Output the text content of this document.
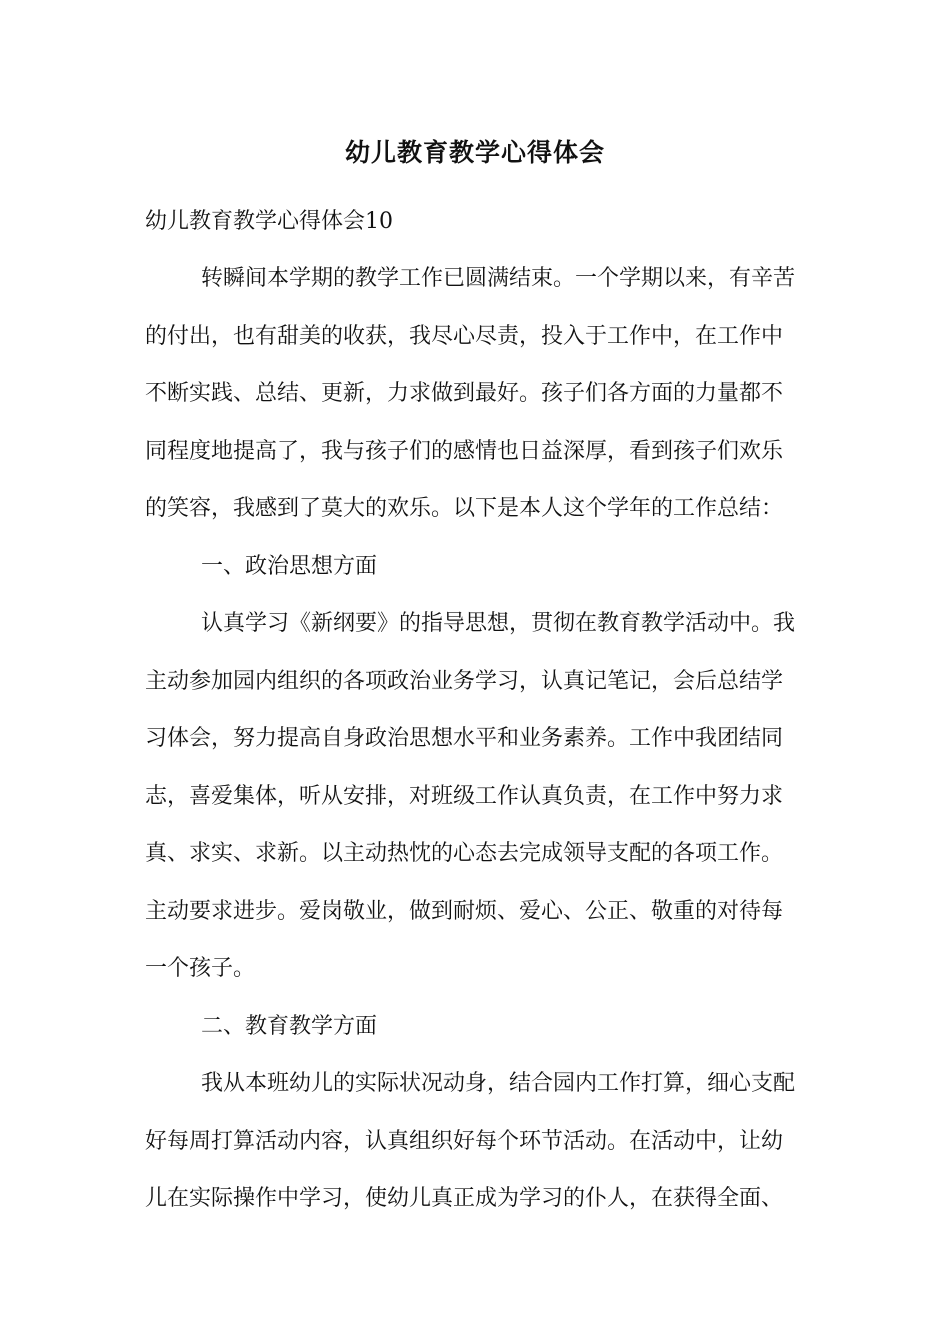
幼儿教育教学心得体会
幼儿教育教学心得体会10
转瞬间本学期的教学工作已圆满结束。一个学期以来，有辛苦
的付出，也有甜美的收获，我尽心尽责，投入于工作中，在工作中
不断实践、总结、更新，力求做到最好。孩子们各方面的力量都不
同程度地提高了，我与孩子们的感情也日益深厚，看到孩子们欢乐
的笑容，我感到了莫大的欢乐。以下是本人这个学年的工作总结：
一、政治思想方面
认真学习《新纲要》的指导思想，贯彻在教育教学活动中。我
主动参加园内组织的各项政治业务学习，认真记笔记，会后总结学
习体会，努力提高自身政治思想水平和业务素养。工作中我团结同
志，喜爱集体，听从安排，对班级工作认真负责，在工作中努力求
真、求实、求新。以主动热忱的心态去完成领导支配的各项工作。
主动要求进步。爱岗敬业，做到耐烦、爱心、公正、敬重的对待每
一个孩子。
二、教育教学方面
我从本班幼儿的实际状况动身，结合园内工作打算，细心支配
好每周打算活动内容，认真组织好每个环节活动。在活动中，让幼
儿在实际操作中学习，使幼儿真正成为学习的仆人，在获得全面、
